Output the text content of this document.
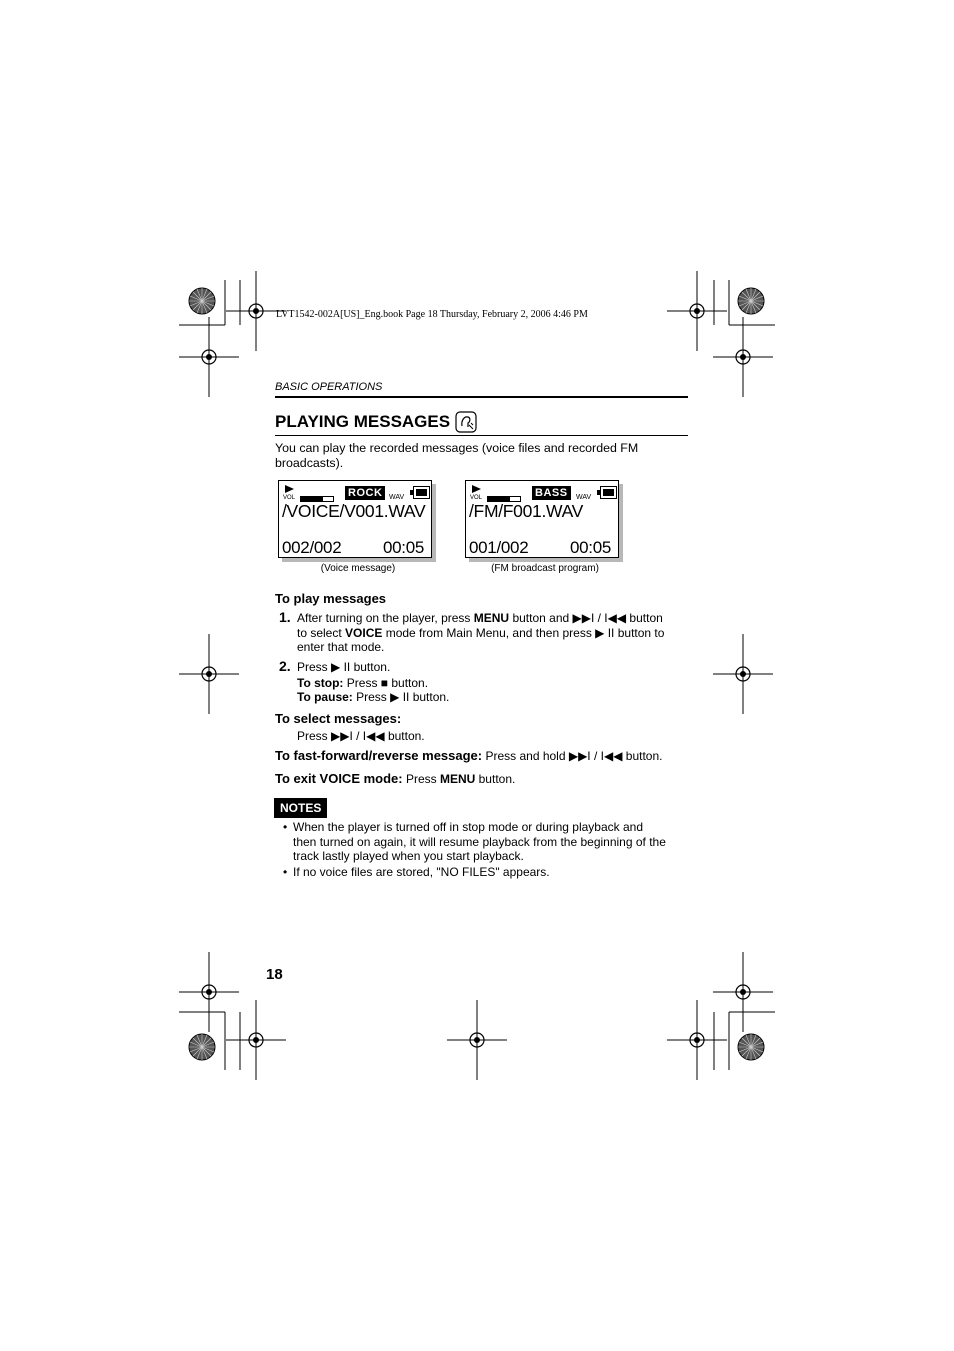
LVT1542-002A[US]_Eng.book Page 18 Thursday, February 2, 2006 4:46 PM
BASIC OPERATIONS
PLAYING MESSAGES
You can play the recorded messages (voice files and recorded FM broadcasts).
VOL	ROCK WAV
/VOICE/V001.WAV
002/002 00:05
(Voice message)
VOL	BASS	WAV
/FM/F001.WAV
001/002 00:05
(FM broadcast program)
To play messages
1. After turning on the player, press MENU button and ▶▶I / I◀◀ button
to select VOICE mode from Main Menu, and then press ▶ II button to
enter that mode.
2. Press ▶ II button.
To stop: Press ■ button.
To pause: Press ▶ II button.
To select messages:
Press ▶▶I / I◀◀ button.
To fast-forward/reverse message: Press and hold ▶▶I / I◀◀ button.
To exit VOICE mode: Press MENU button.
NOTES
• When the player is turned off in stop mode or during playback and
then turned on again, it will resume playback from the beginning of the
track lastly played when you start playback.
• If no voice files are stored, "NO FILES" appears.
18
